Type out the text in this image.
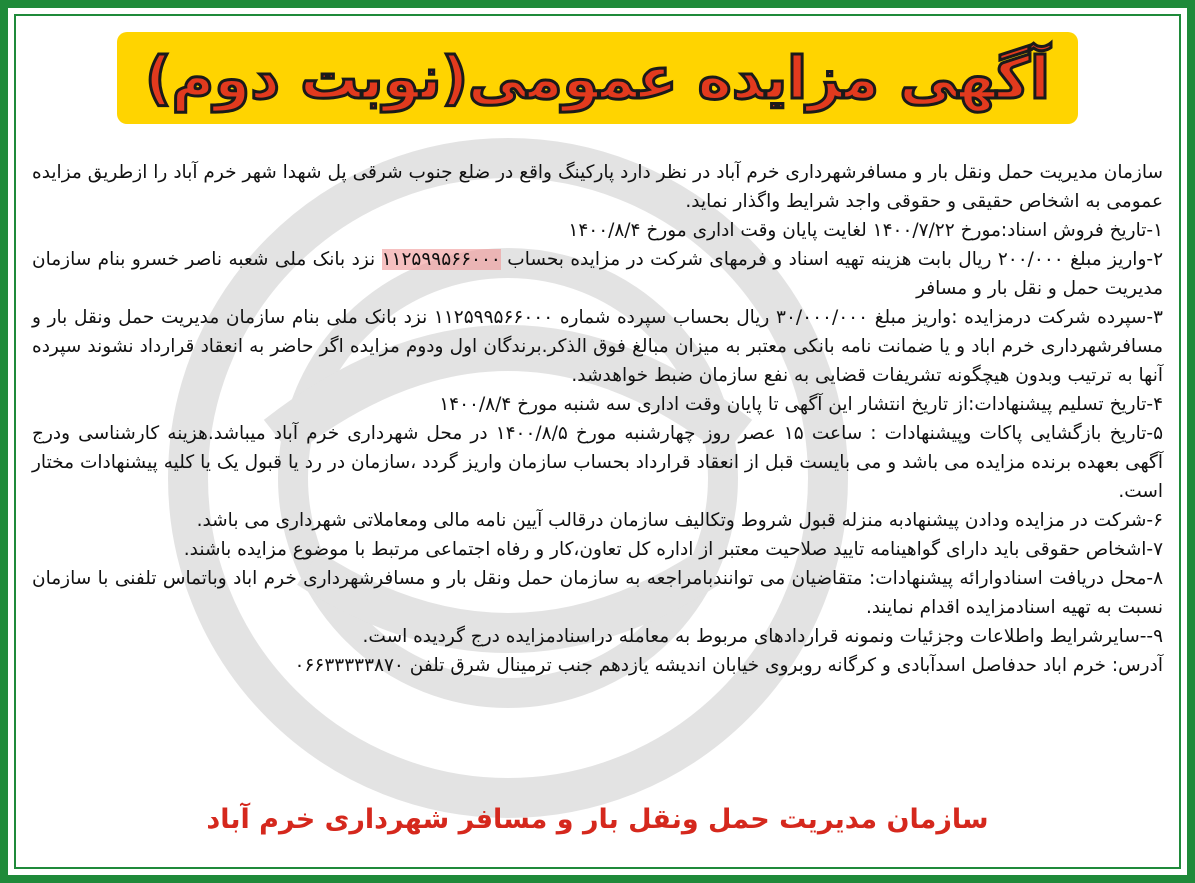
آگهی مزایده عمومی(نوبت دوم)

سازمان مدیریت حمل ونقل بار و مسافرشهرداری خرم آباد در نظر دارد پارکینگ واقع در ضلع جنوب شرقی پل شهدا شهر خرم آباد را ازطریق مزایده عمومی به اشخاص حقیقی و حقوقی واجد شرایط واگذار نماید.

۱-تاریخ فروش اسناد:مورخ ۱۴۰۰/۷/۲۲ لغایت پایان وقت اداری مورخ ۱۴۰۰/۸/۴

۲-واریز مبلغ ۲۰۰/۰۰۰ ریال بابت هزینه تهیه اسناد و فرمهای شرکت در مزایده بحساب ۱۱۲۵۹۹۵۶۶۰۰۰ نزد بانک ملی شعبه ناصر خسرو بنام سازمان مدیریت حمل و نقل بار و مسافر

۳-سپرده شرکت درمزایده :واریز مبلغ ۳۰/۰۰۰/۰۰۰ ریال بحساب سپرده شماره ۱۱۲۵۹۹۵۶۶۰۰۰ نزد بانک ملی بنام سازمان مدیریت حمل ونقل بار و مسافرشهرداری خرم اباد و یا ضمانت نامه بانکی معتبر به میزان مبالغ فوق الذکر.برندگان اول ودوم مزایده اگر حاضر به انعقاد قرارداد نشوند سپرده آنها به ترتیب وبدون هیچگونه تشریفات قضایی به نفع سازمان ضبط خواهدشد.

۴-تاریخ تسلیم پیشنهادات:از تاریخ انتشار این آگهی تا پایان وقت اداری سه شنبه مورخ ۱۴۰۰/۸/۴

۵-تاریخ بازگشایی پاکات وپیشنهادات : ساعت ۱۵ عصر روز چهارشنبه مورخ ۱۴۰۰/۸/۵ در محل شهرداری خرم آباد میباشد.هزینه کارشناسی ودرج آگهی بعهده برنده مزایده می باشد و می بایست قبل از انعقاد قرارداد بحساب سازمان واریز گردد ،سازمان در رد یا قبول یک یا کلیه پیشنهادات مختار است.

۶-شرکت در مزایده ودادن پیشنهادبه منزله قبول شروط وتکالیف سازمان درقالب آیین نامه مالی ومعاملاتی شهرداری می باشد.

۷-اشخاص حقوقی باید دارای گواهینامه تایید صلاحیت معتبر از اداره کل تعاون،کار و رفاه اجتماعی مرتبط با موضوع مزایده باشند.

۸-محل دریافت اسنادوارائه پیشنهادات: متقاضیان می توانندبامراجعه به سازمان حمل ونقل بار و مسافرشهرداری خرم اباد وباتماس تلفنی با سازمان نسبت به تهیه اسنادمزایده اقدام نمایند.

۹--سایرشرایط واطلاعات وجزئیات ونمونه قراردادهای مربوط به معامله دراسنادمزایده درج گردیده است.

آدرس: خرم اباد حدفاصل اسدآبادی و کرگانه روبروی خیابان اندیشه یازدهم جنب ترمینال شرق تلفن ۰۶۶۳۳۳۳۳۸۷۰

سازمان مدیریت حمل ونقل بار و مسافر شهرداری خرم آباد
